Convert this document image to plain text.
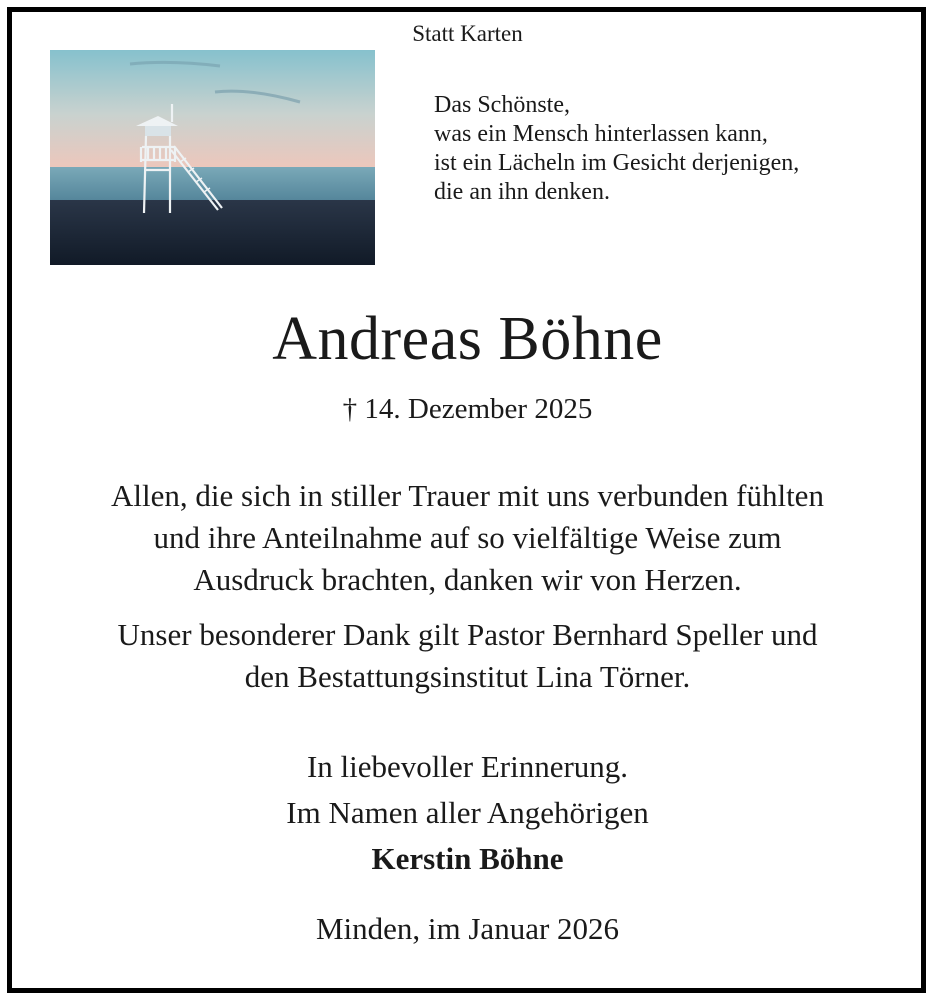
Statt Karten
Das Schönste,
was ein Mensch hinterlassen kann,
ist ein Lächeln im Gesicht derjenigen,
die an ihn denken.
Andreas Böhne
† 14. Dezember 2025
Allen, die sich in stiller Trauer mit uns verbunden fühlten
und ihre Anteilnahme auf so vielfältige Weise zum
Ausdruck brachten, danken wir von Herzen.
Unser besonderer Dank gilt Pastor Bernhard Speller und
den Bestattungsinstitut Lina Törner.
In liebevoller Erinnerung.
Im Namen aller Angehörigen
Kerstin Böhne
Minden, im Januar 2026
